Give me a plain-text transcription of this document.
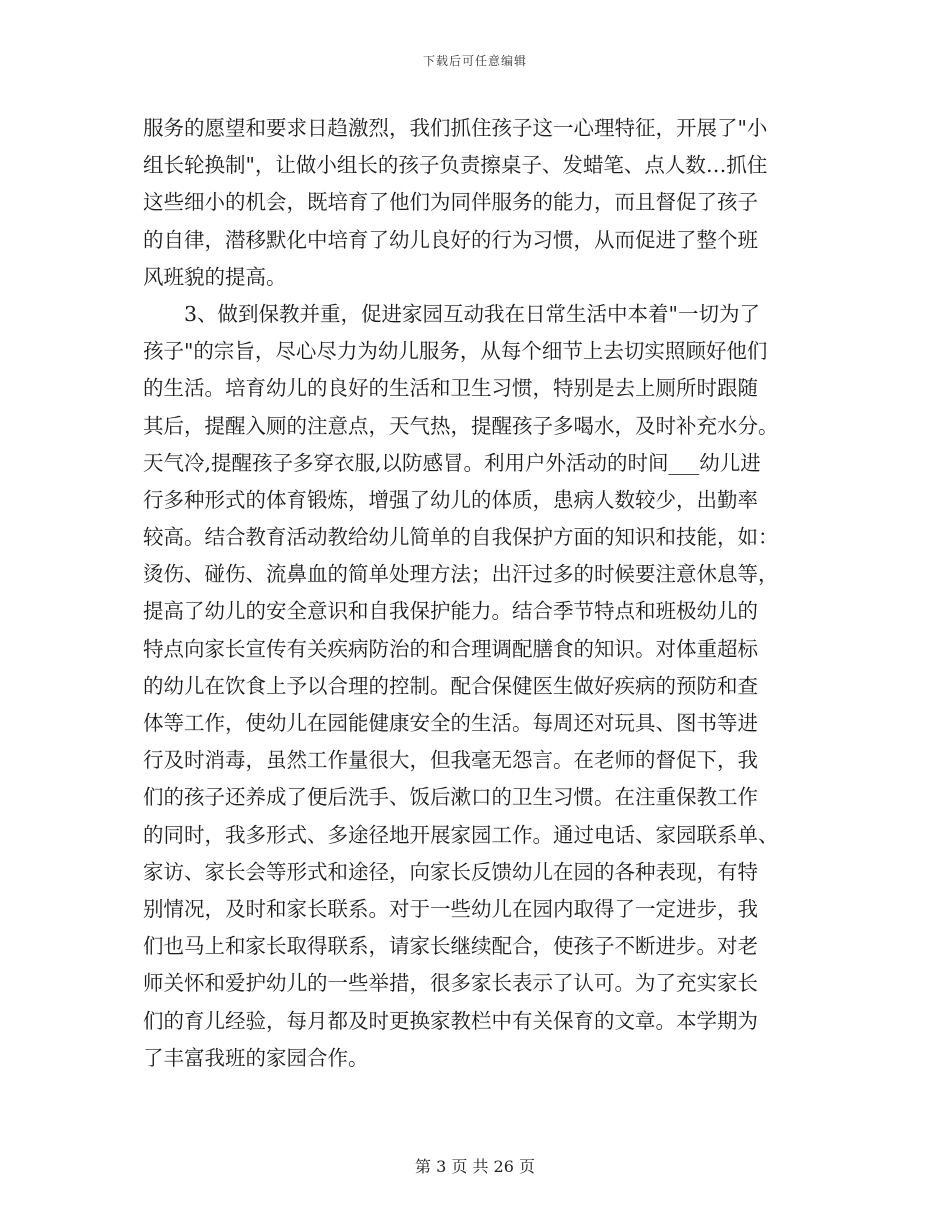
下载后可任意编辑
服务的愿望和要求日趋激烈，我们抓住孩子这一心理特征，开展了"小
组长轮换制"，让做小组长的孩子负责擦桌子、发蜡笔、点人数…抓住
这些细小的机会，既培育了他们为同伴服务的能力，而且督促了孩子
的自律，潜移默化中培育了幼儿良好的行为习惯，从而促进了整个班
风班貌的提高。
　　3、做到保教并重，促进家园互动我在日常生活中本着"一切为了
孩子"的宗旨，尽心尽力为幼儿服务，从每个细节上去切实照顾好他们
的生活。培育幼儿的良好的生活和卫生习惯，特别是去上厕所时跟随
其后，提醒入厕的注意点，天气热，提醒孩子多喝水，及时补充水分。
天气冷,提醒孩子多穿衣服,以防感冒。利用户外活动的时间___幼儿进
行多种形式的体育锻炼，增强了幼儿的体质，患病人数较少，出勤率
较高。结合教育活动教给幼儿简单的自我保护方面的知识和技能，如：
烫伤、碰伤、流鼻血的简单处理方法；出汗过多的时候要注意休息等，
提高了幼儿的安全意识和自我保护能力。结合季节特点和班极幼儿的
特点向家长宣传有关疾病防治的和合理调配膳食的知识。对体重超标
的幼儿在饮食上予以合理的控制。配合保健医生做好疾病的预防和查
体等工作，使幼儿在园能健康安全的生活。每周还对玩具、图书等进
行及时消毒，虽然工作量很大，但我毫无怨言。在老师的督促下，我
们的孩子还养成了便后洗手、饭后漱口的卫生习惯。在注重保教工作
的同时，我多形式、多途径地开展家园工作。通过电话、家园联系单、
家访、家长会等形式和途径，向家长反馈幼儿在园的各种表现，有特
别情况，及时和家长联系。对于一些幼儿在园内取得了一定进步，我
们也马上和家长取得联系，请家长继续配合，使孩子不断进步。对老
师关怀和爱护幼儿的一些举措，很多家长表示了认可。为了充实家长
们的育儿经验，每月都及时更换家教栏中有关保育的文章。本学期为
了丰富我班的家园合作。
第 3 页 共 26 页
